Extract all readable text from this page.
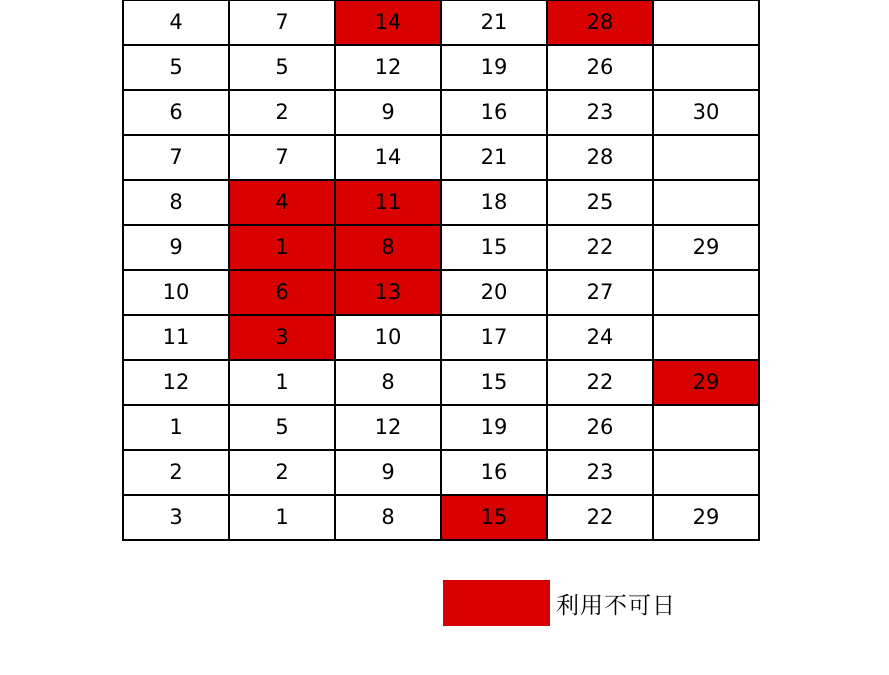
4	7	14	21	28	
5	5	12	19	26	
6	2	9	16	23	30
7	7	14	21	28	
8	4	11	18	25	
9	1	8	15	22	29
10	6	13	20	27	
11	3	10	17	24	
12	1	8	15	22	29
1	5	12	19	26	
2	2	9	16	23	
3	1	8	15	22	29
利用不可日
